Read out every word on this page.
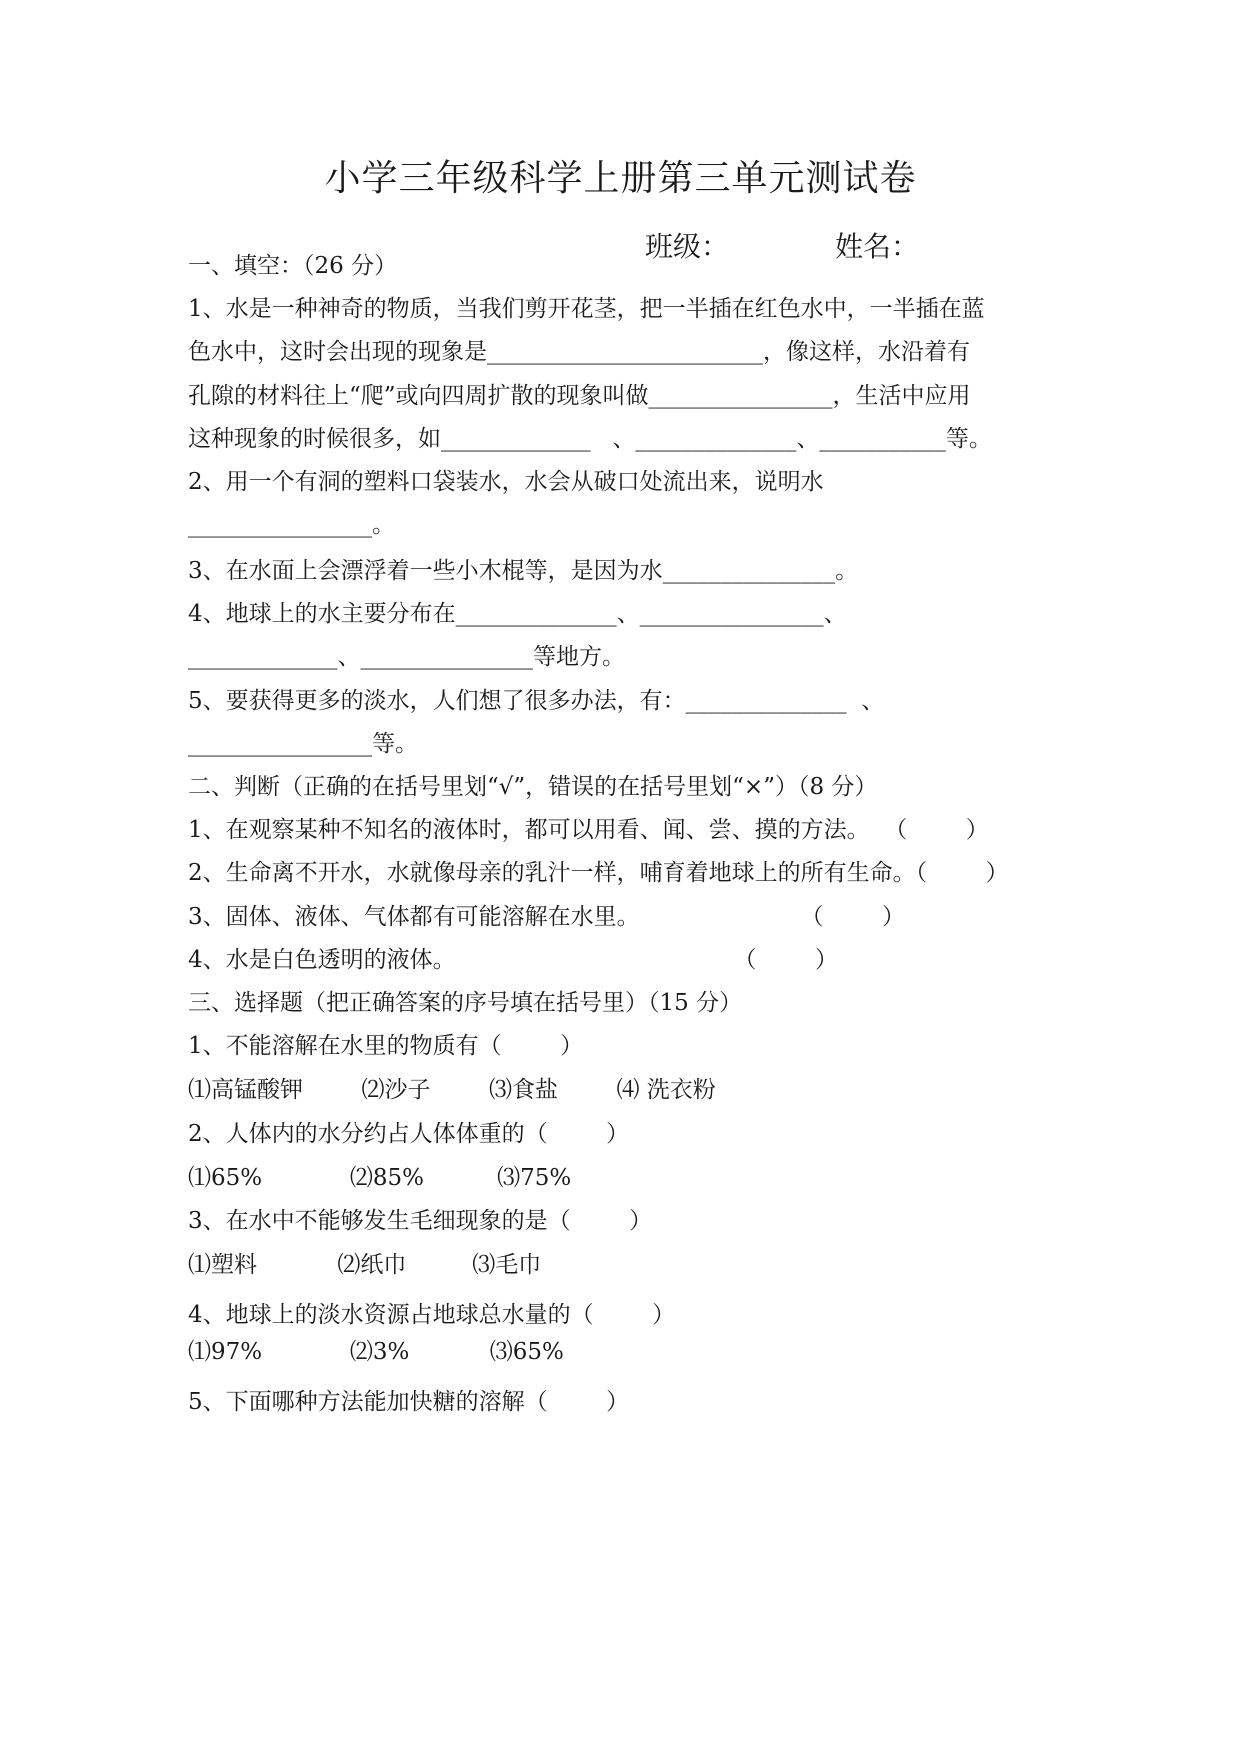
小学三年级科学上册第三单元测试卷
班级：	姓名：
一、填空：（26 分）
1、水是一种神奇的物质，当我们剪开花茎，把一半插在红色水中，一半插在蓝
色水中，这时会出现的现象是________________________，像这样，水沿着有
孔隙的材料往上“爬”或向四周扩散的现象叫做________________，生活中应用
这种现象的时候很多，如_____________   、______________、___________等。
2、用一个有洞的塑料口袋装水，水会从破口处流出来，说明水
________________。
3、在水面上会漂浮着一些小木棍等，是因为水_______________。
4、地球上的水主要分布在______________、________________、
_____________、_______________等地方。
5、要获得更多的淡水，人们想了很多办法，有：______________  、
________________等。
二、判断（正确的在括号里划“√”，错误的在括号里划“×”）（8 分）
1、在观察某种不知名的液体时，都可以用看、闻、尝、摸的方法。  （        ）
2、生命离不开水，水就像母亲的乳汁一样，哺育着地球上的所有生命。（        ）
3、固体、液体、气体都有可能溶解在水里。                      （        ）
4、水是白色透明的液体。                                      （        ）
三、选择题（把正确答案的序号填在括号里）（15 分）
1、不能溶解在水里的物质有（        ）
⑴高锰酸钾        ⑵沙子        ⑶食盐        ⑷ 洗衣粉
2、人体内的水分约占人体体重的（        ）
⑴65%            ⑵85%          ⑶75%
3、在水中不能够发生毛细现象的是（        ）
⑴塑料           ⑵纸巾         ⑶毛巾
4、地球上的淡水资源占地球总水量的（        ）
⑴97%            ⑵3%           ⑶65%
5、下面哪种方法能加快糖的溶解（        ）
